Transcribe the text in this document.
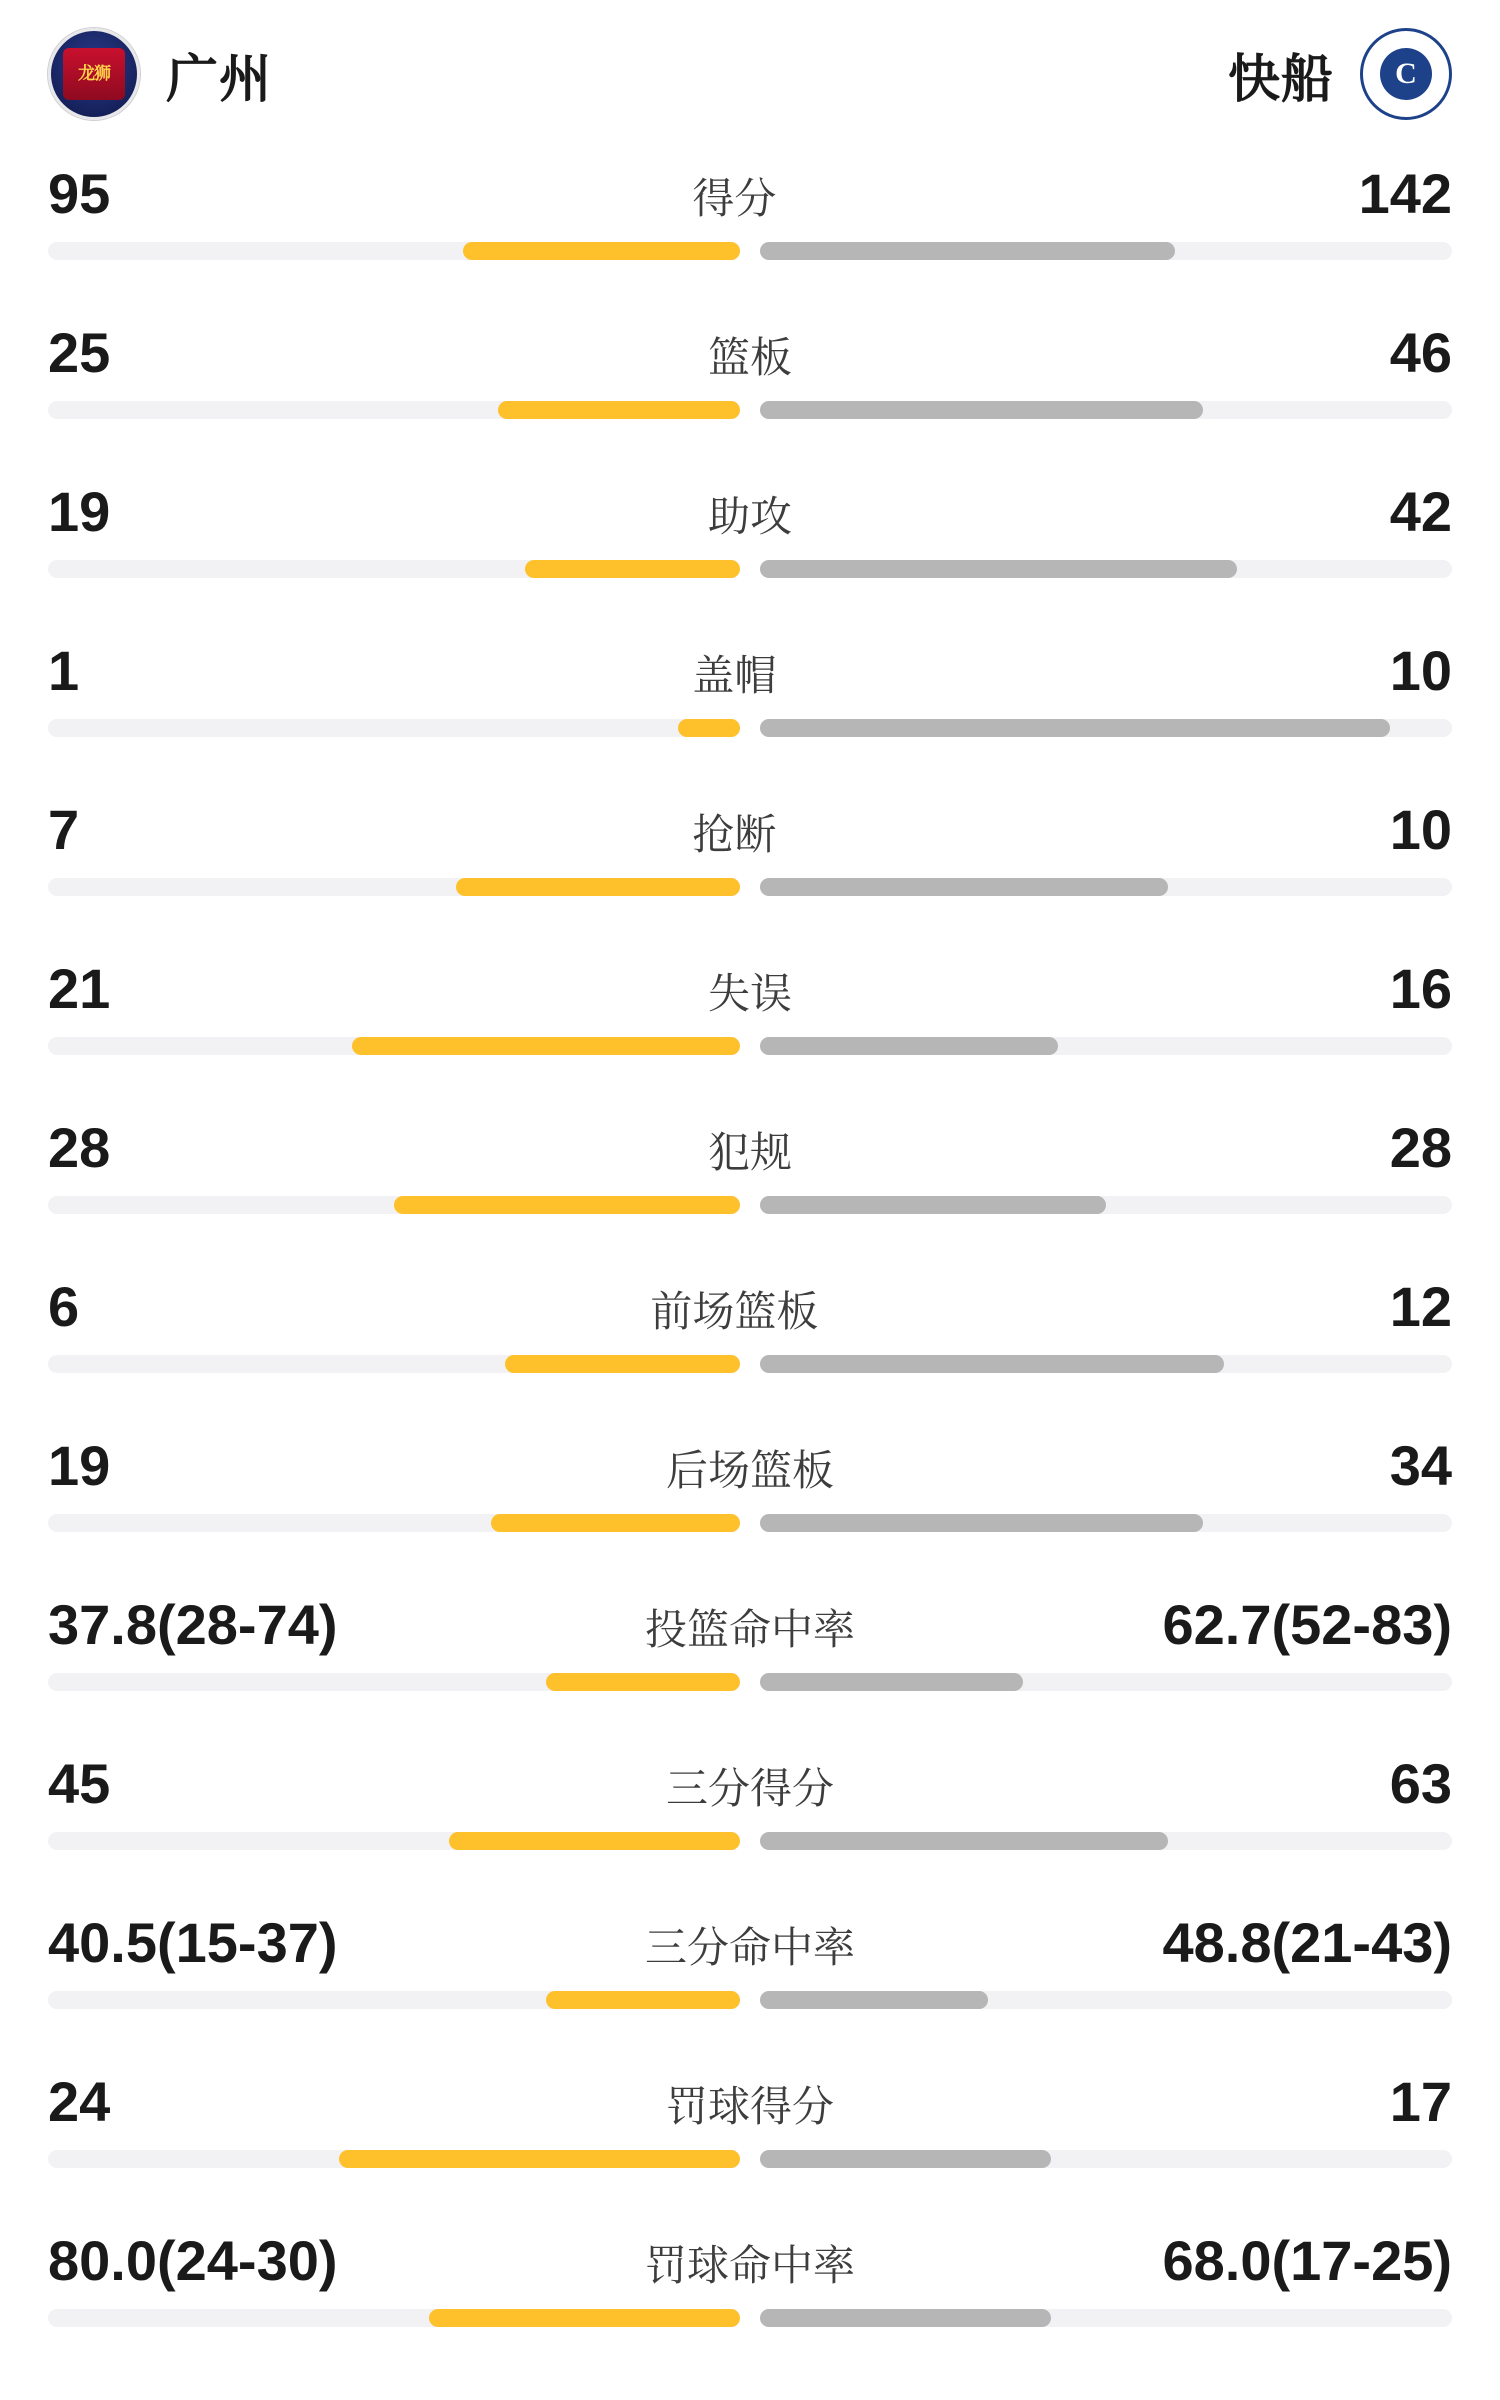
龙狮 广州	快船	C
95	得分	142
25	篮板	46
19	助攻	42
1	盖帽	10
7	抢断	10
21	失误	16
28	犯规	28
6	前场篮板	12
19	后场篮板	34
37.8(28-74)	投篮命中率	62.7(52-83)
45	三分得分	63
40.5(15-37)	三分命中率	48.8(21-43)
24	罚球得分	17
80.0(24-30)	罚球命中率	68.0(17-25)
